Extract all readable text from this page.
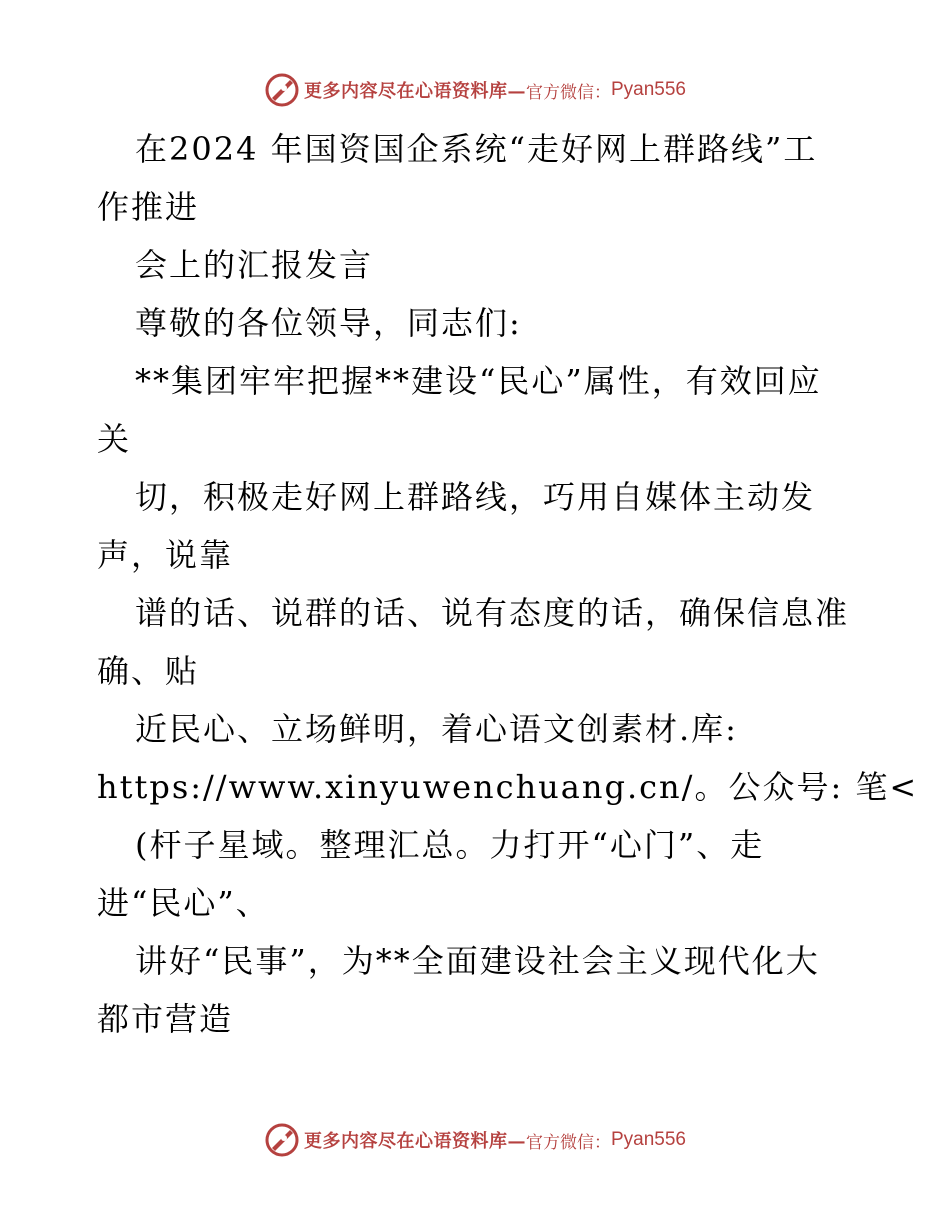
更多内容尽在心语资料库— 官方微信： Pyan556
在2024 年国资国企系统“走好网上群路线”工
作推进
会上的汇报发言
尊敬的各位领导，同志们:
**集团牢牢把握**建设“民心”属性，有效回应
关
切，积极走好网上群路线，巧用自媒体主动发
声，说靠
谱的话、说群的话、说有态度的话，确保信息准
确、贴
近民心、立场鲜明，着心语文创素材.库:
https://www.xinyuwenchuang.cn/。公众号: 笔<
(杆子星域。整理汇总。力打开“心门”、走
进“民心”、
讲好“民事”，为**全面建设社会主义现代化大
都市营造
更多内容尽在心语资料库— 官方微信： Pyan556
